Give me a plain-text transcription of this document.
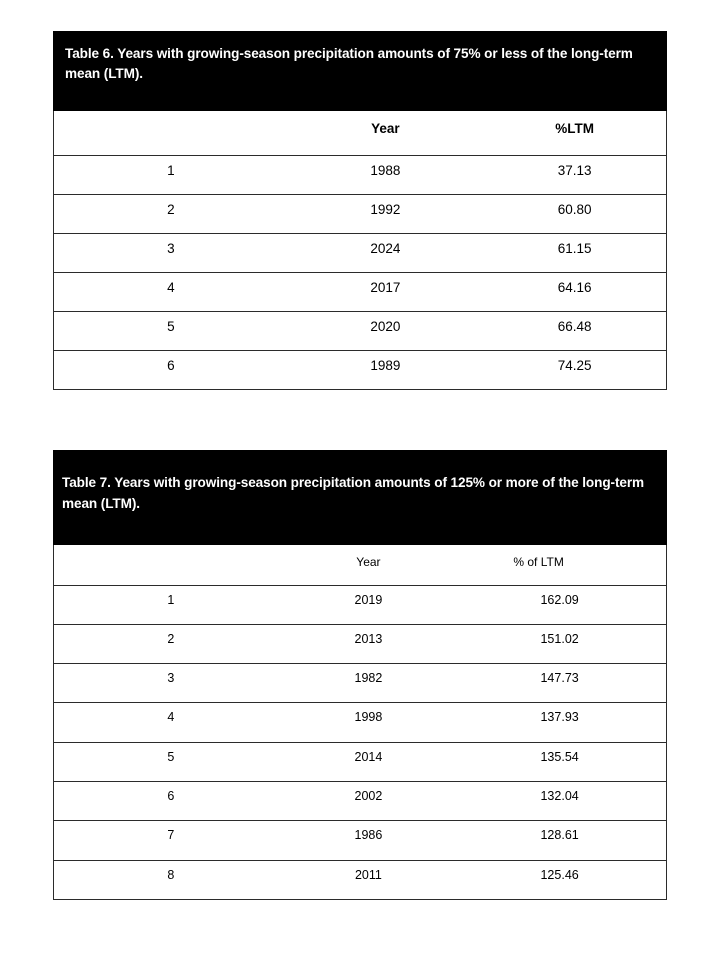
Table 6. Years with growing-season precipitation amounts of 75% or less of the long-term mean (LTM).
	Year	%LTM
1	1988	37.13
2	1992	60.80
3	2024	61.15
4	2017	64.16
5	2020	66.48
6	1989	74.25
Table 7. Years with growing-season precipitation amounts of 125% or more of the long-term mean (LTM).
	Year	% of LTM
1	2019	162.09
2	2013	151.02
3	1982	147.73
4	1998	137.93
5	2014	135.54
6	2002	132.04
7	1986	128.61
8	2011	125.46
